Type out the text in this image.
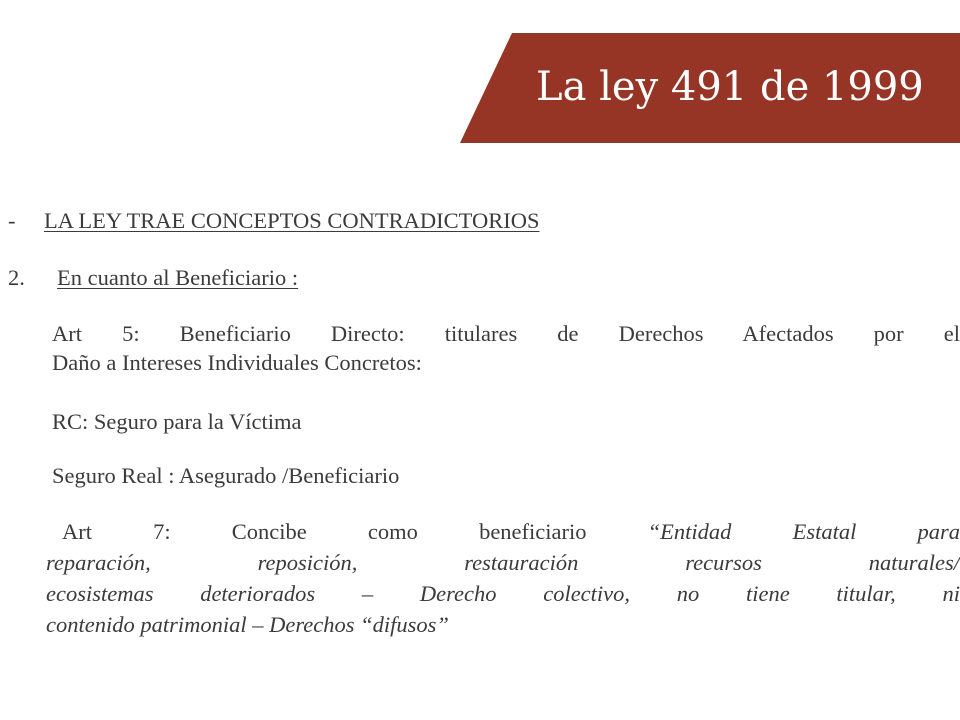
La ley 491 de 1999
- LA LEY TRAE CONCEPTOS CONTRADICTORIOS
2. En cuanto al Beneficiario :
Art 5: Beneficiario Directo: titulares de Derechos Afectados por el
Daño a Intereses Individuales Concretos:
RC: Seguro para la Víctima
Seguro Real : Asegurado /Beneficiario
Art 7: Concibe como beneficiario “Entidad Estatal para
reparación, reposición, restauración recursos naturales/
ecosistemas deteriorados – Derecho colectivo, no tiene titular, ni
contenido patrimonial – Derechos “difusos”
